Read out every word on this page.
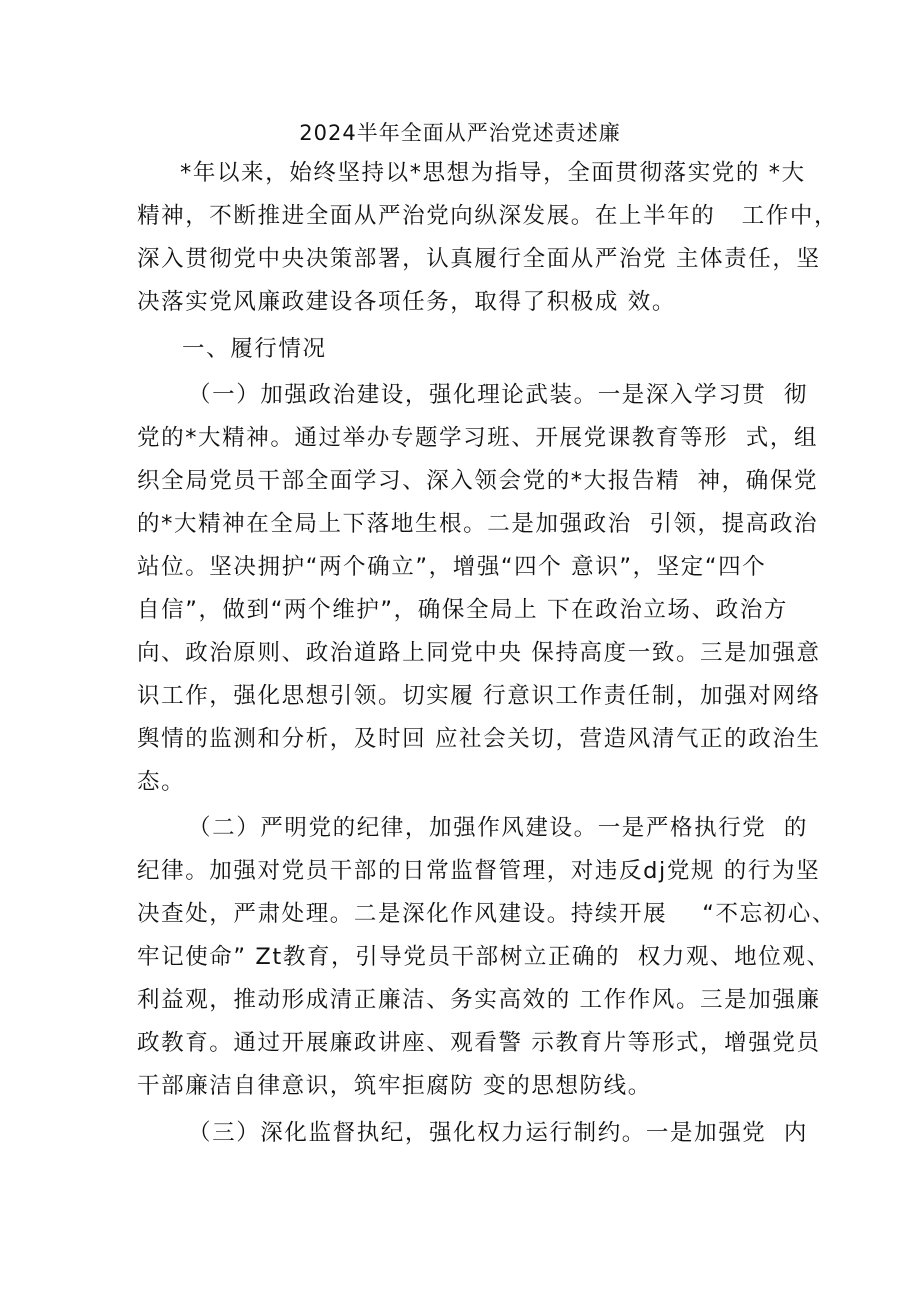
2024半年全面从严治党述责述廉
*年以来，始终坚持以*思想为指导，全面贯彻落实党的 *大
精神，不断推进全面从严治党向纵深发展。在上半年的   工作中，
深入贯彻党中央决策部署，认真履行全面从严治党 主体责任，坚
决落实党风廉政建设各项任务，取得了积极成 效。
一、履行情况
（一）加强政治建设，强化理论武装。一是深入学习贯  彻
党的*大精神。通过举办专题学习班、开展党课教育等形  式，组
织全局党员干部全面学习、深入领会党的*大报告精  神，确保党
的*大精神在全局上下落地生根。二是加强政治  引领，提高政治
站位。坚决拥护“两个确立”，增强“四个 意识”，坚定“四个
自信”，做到“两个维护”，确保全局上 下在政治立场、政治方
向、政治原则、政治道路上同党中央 保持高度一致。三是加强意
识工作，强化思想引领。切实履 行意识工作责任制，加强对网络
舆情的监测和分析，及时回 应社会关切，营造风清气正的政治生
态。
（二）严明党的纪律，加强作风建设。一是严格执行党  的
纪律。加强对党员干部的日常监督管理，对违反dj党规 的行为坚
决查处，严肃处理。二是深化作风建设。持续开展    “不忘初心、
牢记使命” Zt教育，引导党员干部树立正确的  权力观、地位观、
利益观，推动形成清正廉洁、务实高效的 工作作风。三是加强廉
政教育。通过开展廉政讲座、观看警 示教育片等形式，增强党员
干部廉洁自律意识，筑牢拒腐防 变的思想防线。
（三）深化监督执纪，强化权力运行制约。一是加强党  内
